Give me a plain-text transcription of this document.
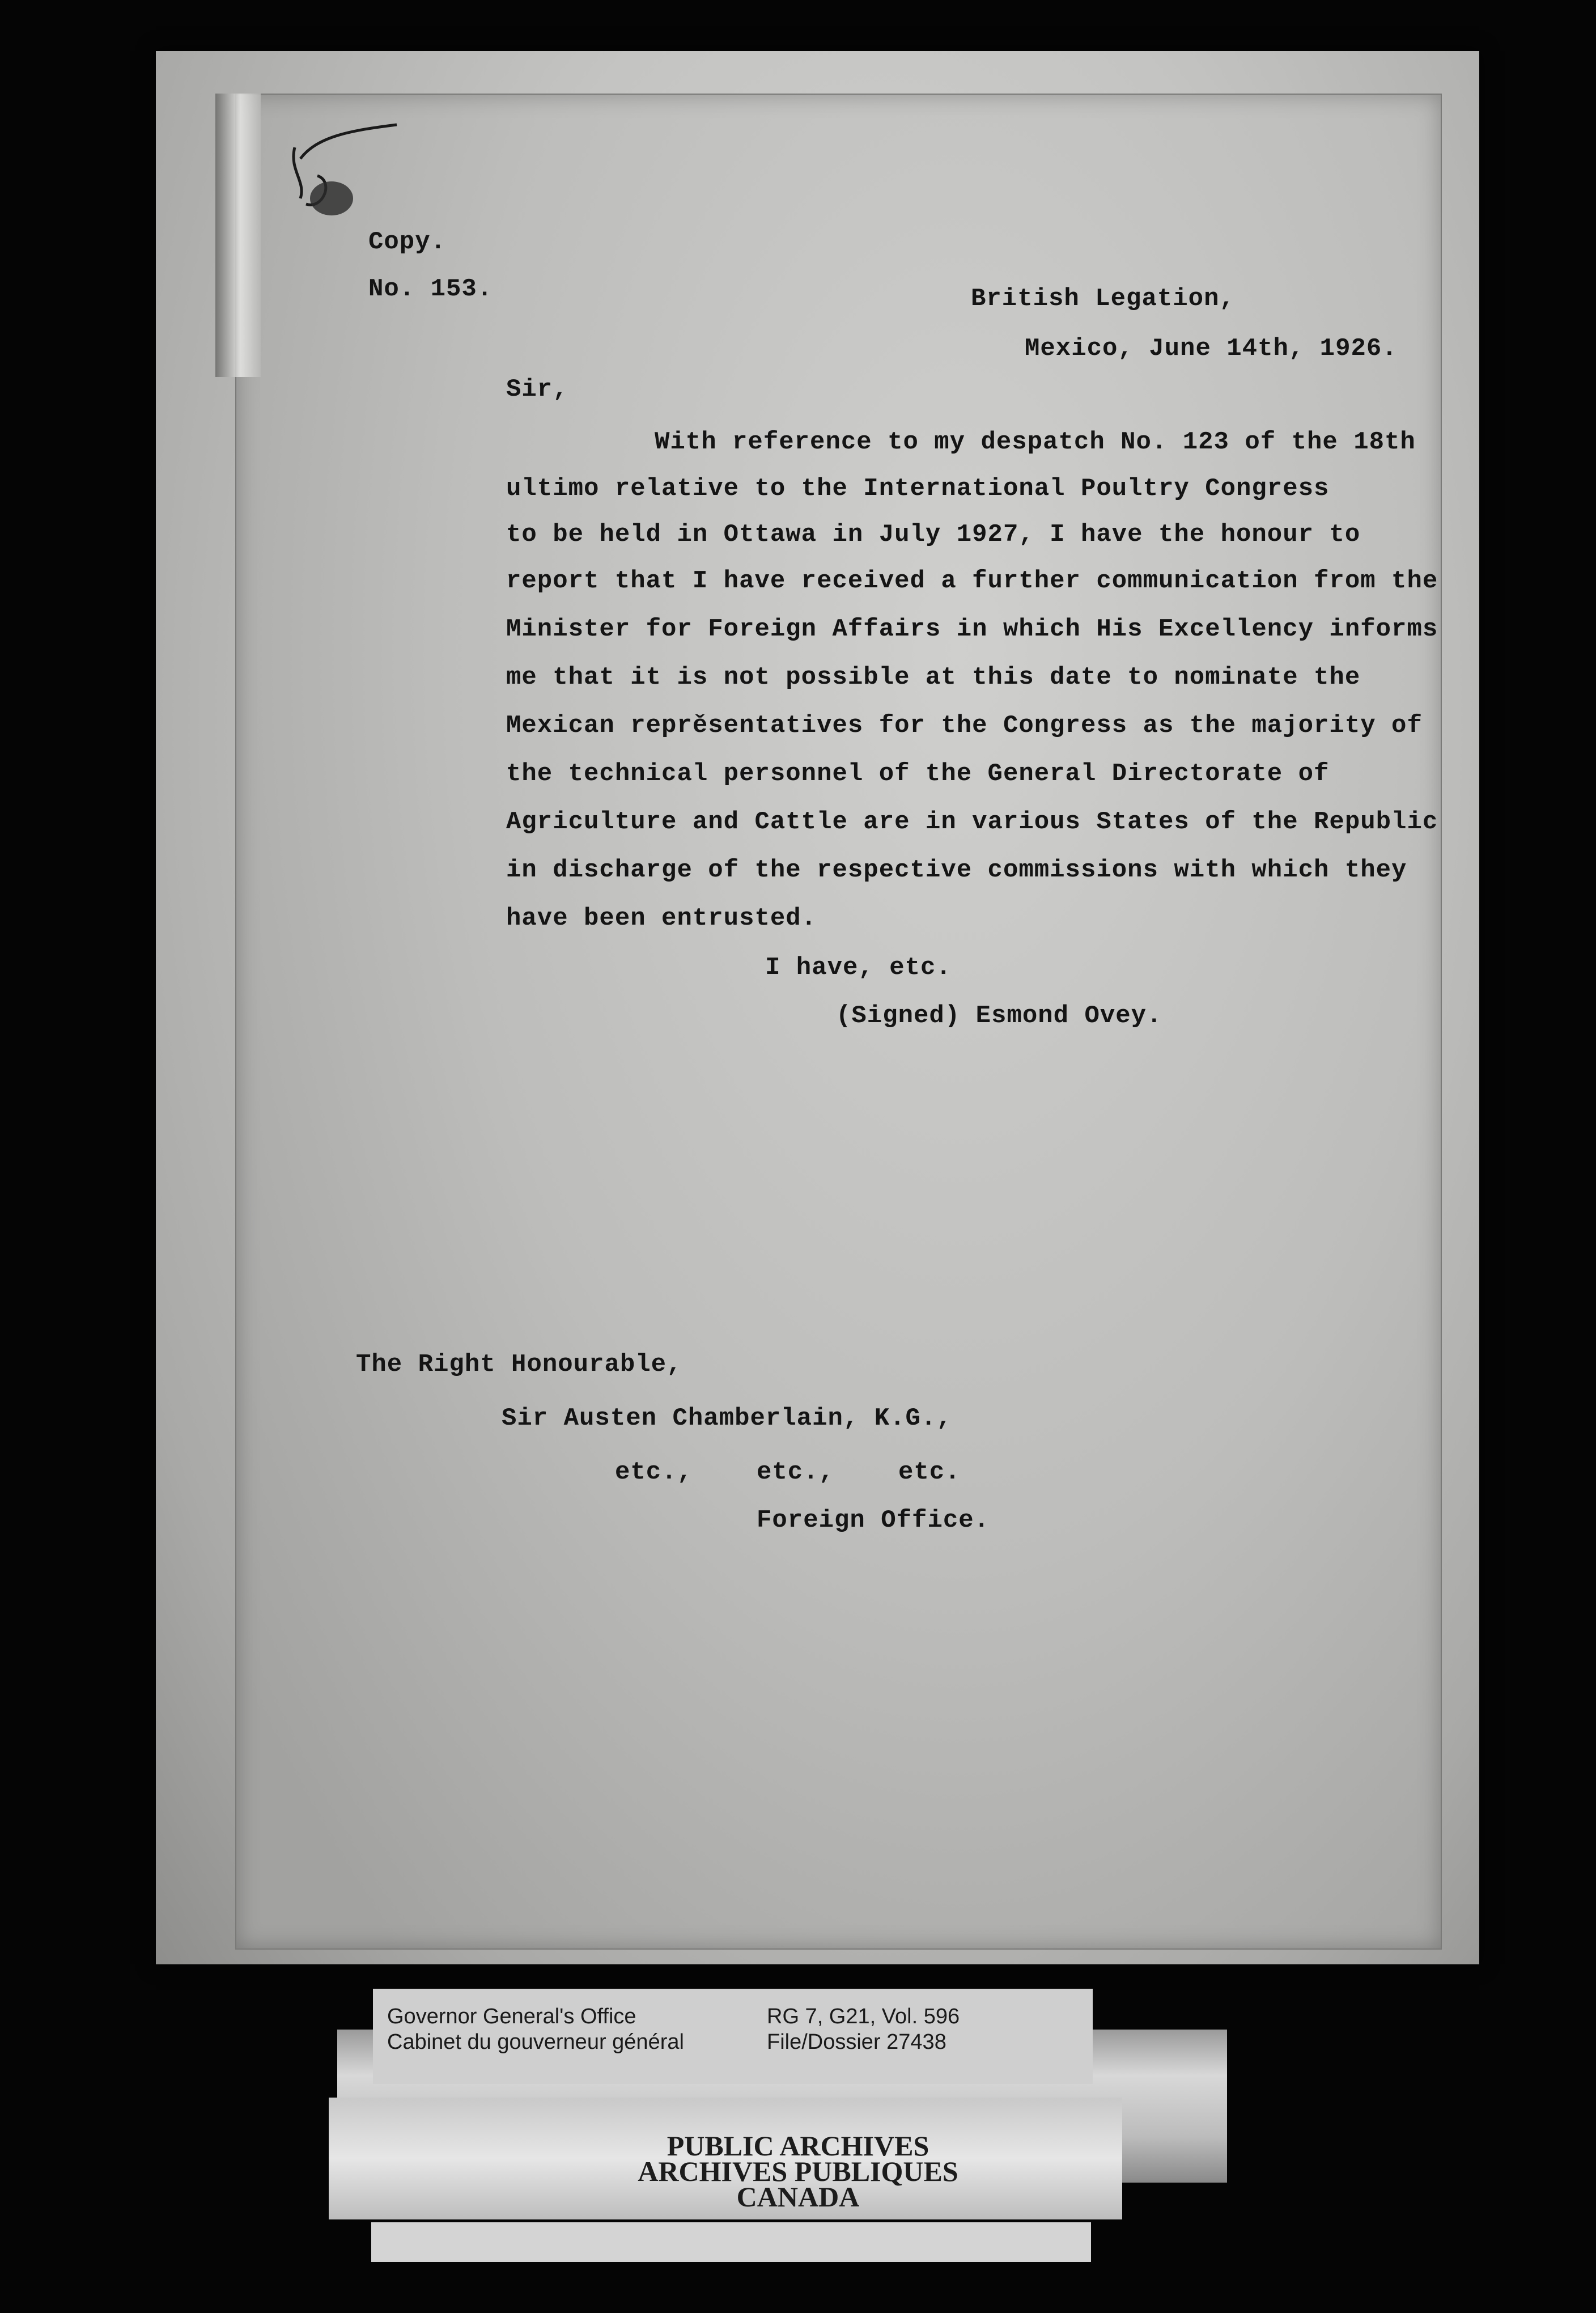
Copy.
No. 153.	British Legation,
Mexico, June 14th, 1926.
Sir,
With reference to my despatch No. 123 of the 18th
ultimo relative to the International Poultry Congress
to be held in Ottawa in July 1927, I have the honour to
report that I have received a further communication from the
Minister for Foreign Affairs in which His Excellency informs
me that it is not possible at this date to nominate the
Mexican reprěsentatives for the Congress as the majority of
the technical personnel of the General Directorate of
Agriculture and Cattle are in various States of the Republic
in discharge of the respective commissions with which they
have been entrusted.
I have, etc.
(Signed) Esmond Ovey.
The Right Honourable,
Sir Austen Chamberlain, K.G.,
etc.,	etc.,	etc.
Foreign Office.
Governor General's Office
Cabinet du gouverneur général
RG 7, G21, Vol. 596
File/Dossier 27438
PUBLIC ARCHIVES
ARCHIVES PUBLIQUES
CANADA
